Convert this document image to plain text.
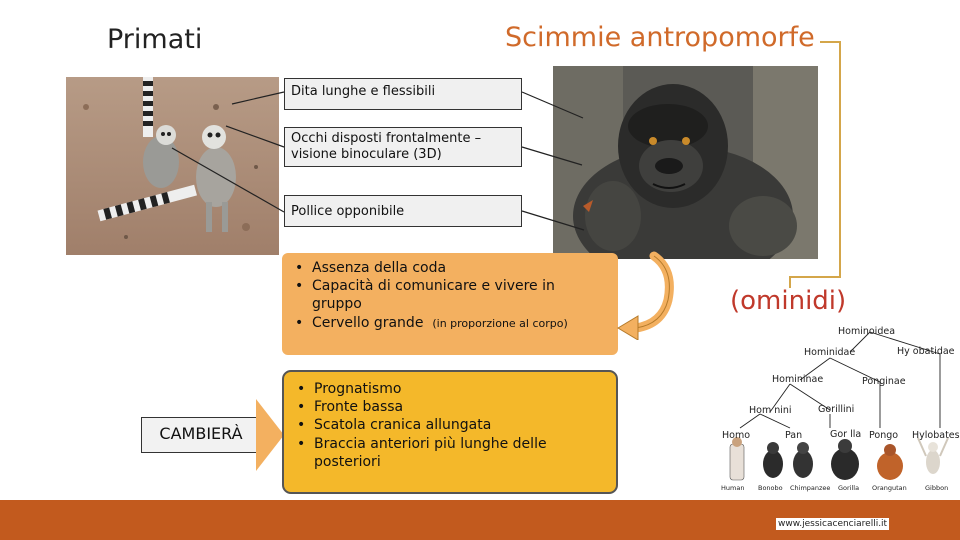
Primati	Scimmie antropomorfe
Dita lunghe e flessibili
Occhi disposti frontalmente – visione binoculare (3D)
Pollice opponibile
• Assenza della coda
• Capacità di comunicare e vivere in gruppo
• Cervello grande (in proporzione al corpo)
(ominidi)
CAMBIERÀ
• Prognatismo
• Fronte bassa
• Scatola cranica allungata
• Braccia anteriori più lunghe delle posteriori
Hominoidea
Hy obatidae
Hominidae
Homininae	Ponginae
Hom nini	Gorillini
Homo	Pan	Gor lla Pongo Hylobates
Human Bonobo Chimpanzee Gorilla Orangutan	Gibbon
www.jessicacenciarelli.it
